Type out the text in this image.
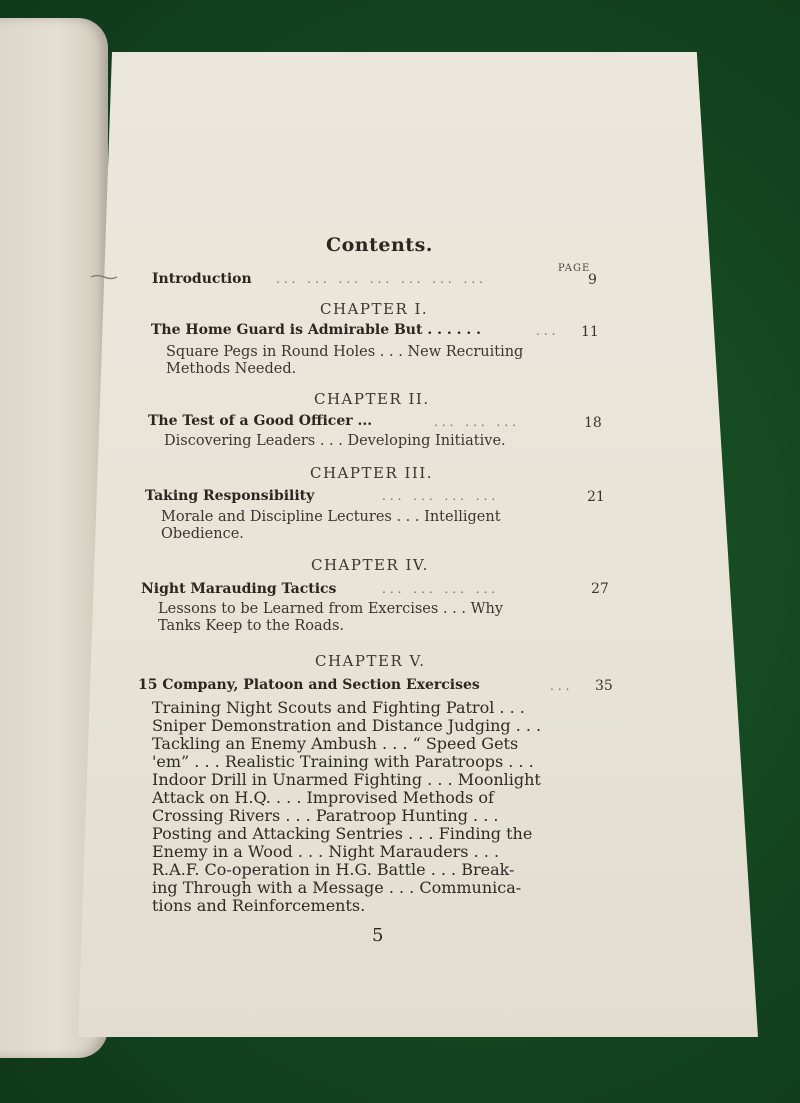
Contents.
PAGE
Introduction ... ... ... ... ... ... ...	9
CHAPTER I.
The Home Guard is Admirable But . . . . . .	... 11
Square Pegs in Round Holes . . . New Recruiting
Methods Needed.
CHAPTER II.
The Test of a Good Officer ...	... ... ...	18
Discovering Leaders . . . Developing Initiative.
CHAPTER III.
Taking Responsibility	... ... ... ...	21
Morale and Discipline Lectures . . . Intelligent
Obedience.
CHAPTER IV.
Night Marauding Tactics	... ... ... ...	27
Lessons to be Learned from Exercises . . . Why
Tanks Keep to the Roads.
CHAPTER V.
15 Company, Platoon and Section Exercises	... 35
Training Night Scouts and Fighting Patrol . . .
Sniper Demonstration and Distance Judging . . .
Tackling an Enemy Ambush . . . “ Speed Gets
'em” . . . Realistic Training with Paratroops . . .
Indoor Drill in Unarmed Fighting . . . Moonlight
Attack on H.Q. . . . Improvised Methods of
Crossing Rivers . . . Paratroop Hunting . . .
Posting and Attacking Sentries . . . Finding the
Enemy in a Wood . . . Night Marauders . . .
R.A.F. Co-operation in H.G. Battle . . . Break-
ing Through with a Message . . . Communica-
tions and Reinforcements.
5
